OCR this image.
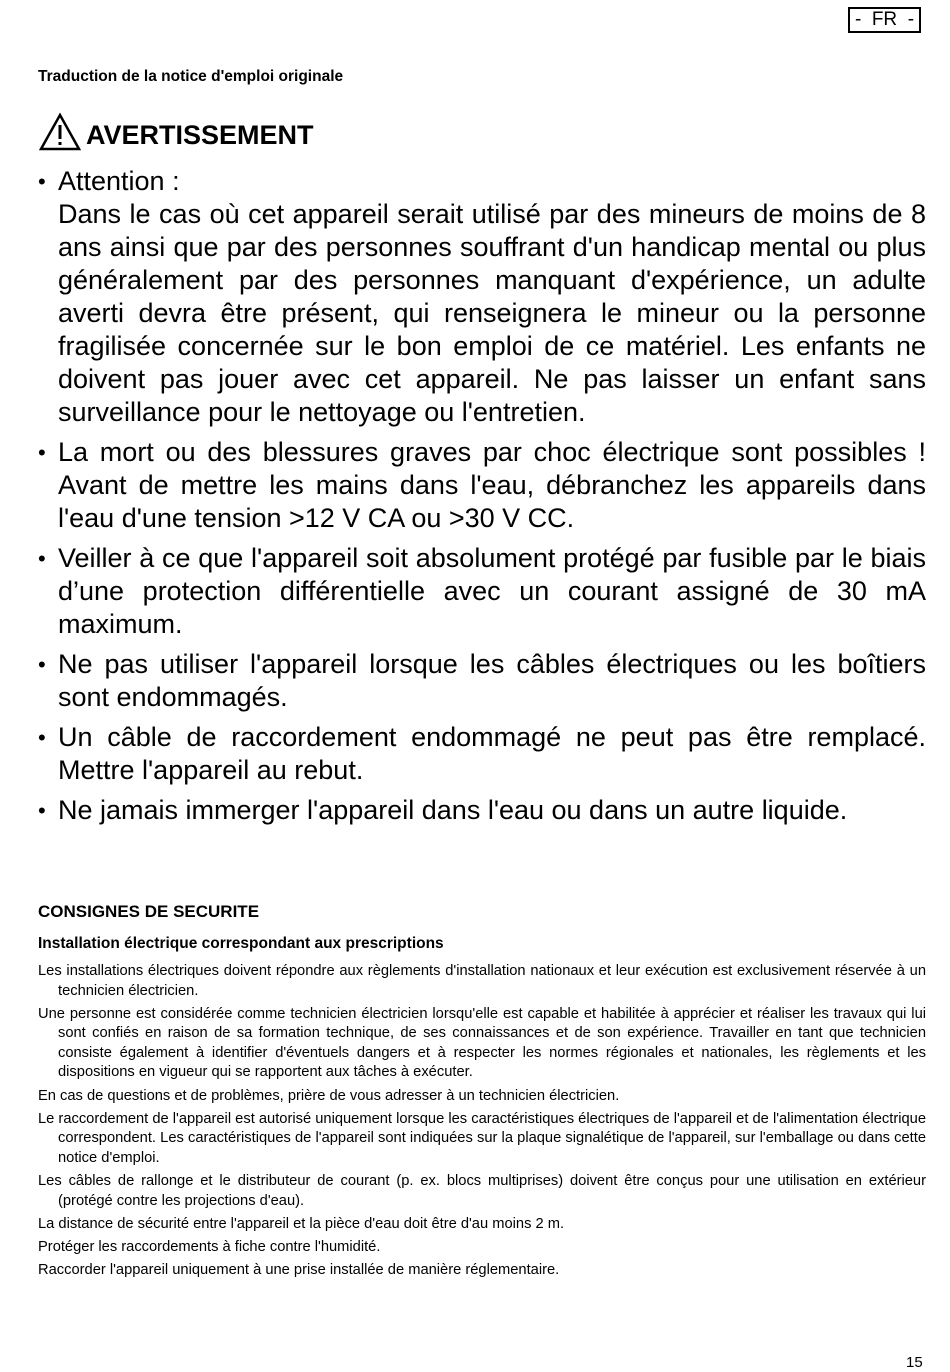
-  FR  -
Traduction de la notice d'emploi originale
AVERTISSEMENT
• Attention :
Dans le cas où cet appareil serait utilisé par des mineurs de moins de 8 ans ainsi que par des personnes souffrant d'un handicap mental ou plus généralement par des personnes manquant d'expérience, un adulte averti devra être présent, qui renseignera le mineur ou la personne fragilisée concernée sur le bon emploi de ce matériel. Les enfants ne doivent pas jouer avec cet appareil. Ne pas laisser un enfant sans surveillance pour le nettoyage ou l'entretien.
• La mort ou des blessures graves par choc électrique sont possibles ! Avant de mettre les mains dans l'eau, débranchez les appareils dans l'eau d'une tension >12 V CA ou >30 V CC.
• Veiller à ce que l'appareil soit absolument protégé par fusible par le biais d’une protection différentielle avec un courant assigné de 30 mA maximum.
• Ne pas utiliser l'appareil lorsque les câbles électriques ou les boîtiers sont endommagés.
• Un câble de raccordement endommagé ne peut pas être remplacé. Mettre l'appareil au rebut.
• Ne jamais immerger l'appareil dans l'eau ou dans un autre liquide.
CONSIGNES DE SECURITE
Installation électrique correspondant aux prescriptions

Les installations électriques doivent répondre aux règlements d'installation nationaux et leur exécution est exclusivement réservée à un technicien électricien.

Une personne est considérée comme technicien électricien lorsqu'elle est capable et habilitée à apprécier et réaliser les travaux qui lui sont confiés en raison de sa formation technique, de ses connaissances et de son expérience. Travailler en tant que technicien consiste également à identifier d'éventuels dangers et à respecter les normes régionales et nationales, les règlements et les dispositions en vigueur qui se rapportent aux tâches à exécuter.

En cas de questions et de problèmes, prière de vous adresser à un technicien électricien.

Le raccordement de l'appareil est autorisé uniquement lorsque les caractéristiques électriques de l'appareil et de l'alimentation électrique correspondent. Les caractéristiques de l'appareil sont indiquées sur la plaque signalétique de l'appareil, sur l'emballage ou dans cette notice d'emploi.

Les câbles de rallonge et le distributeur de courant (p. ex. blocs multiprises) doivent être conçus pour une utilisation en extérieur (protégé contre les projections d'eau).

La distance de sécurité entre l'appareil et la pièce d'eau doit être d'au moins 2 m.

Protéger les raccordements à fiche contre l'humidité.

Raccorder l'appareil uniquement à une prise installée de manière réglementaire.

15
